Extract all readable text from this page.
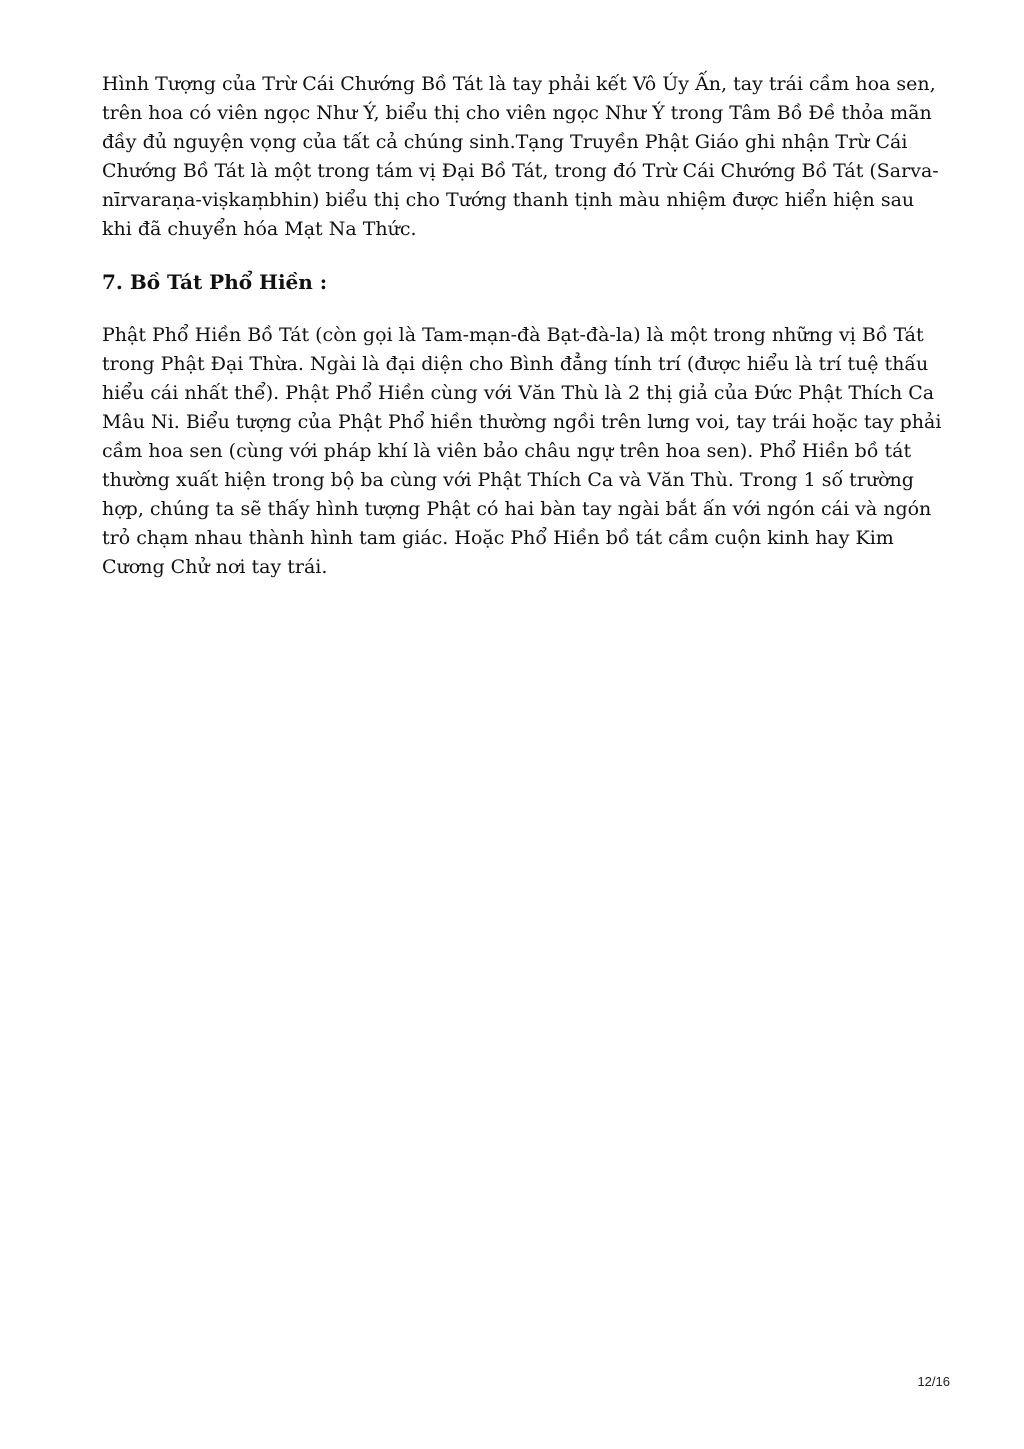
Hình Tượng của Trừ Cái Chướng Bồ Tát là tay phải kết Vô Úy Ấn, tay trái cầm hoa sen,
trên hoa có viên ngọc Như Ý, biểu thị cho viên ngọc Như Ý trong Tâm Bồ Đề thỏa mãn
đầy đủ nguyện vọng của tất cả chúng sinh.Tạng Truyền Phật Giáo ghi nhận Trừ Cái
Chướng Bồ Tát là một trong tám vị Đại Bồ Tát, trong đó Trừ Cái Chướng Bồ Tát (Sarva-
nīrvaraṇa-viṣkaṃbhin) biểu thị cho Tướng thanh tịnh màu nhiệm được hiển hiện sau
khi đã chuyển hóa Mạt Na Thức.
7. Bồ Tát Phổ Hiền :
Phật Phổ Hiền Bồ Tát (còn gọi là Tam-mạn-đà Bạt-đà-la) là một trong những vị Bồ Tát
trong Phật Đại Thừa. Ngài là đại diện cho Bình đẳng tính trí (được hiểu là trí tuệ thấu
hiểu cái nhất thể). Phật Phổ Hiền cùng với Văn Thù là 2 thị giả của Đức Phật Thích Ca
Mâu Ni. Biểu tượng của Phật Phổ hiền thường ngồi trên lưng voi, tay trái hoặc tay phải
cầm hoa sen (cùng với pháp khí là viên bảo châu ngự trên hoa sen). Phổ Hiền bồ tát
thường xuất hiện trong bộ ba cùng với Phật Thích Ca và Văn Thù. Trong 1 số trường
hợp, chúng ta sẽ thấy hình tượng Phật có hai bàn tay ngài bắt ấn với ngón cái và ngón
trỏ chạm nhau thành hình tam giác. Hoặc Phổ Hiền bồ tát cầm cuộn kinh hay Kim
Cương Chử nơi tay trái.
12/16
